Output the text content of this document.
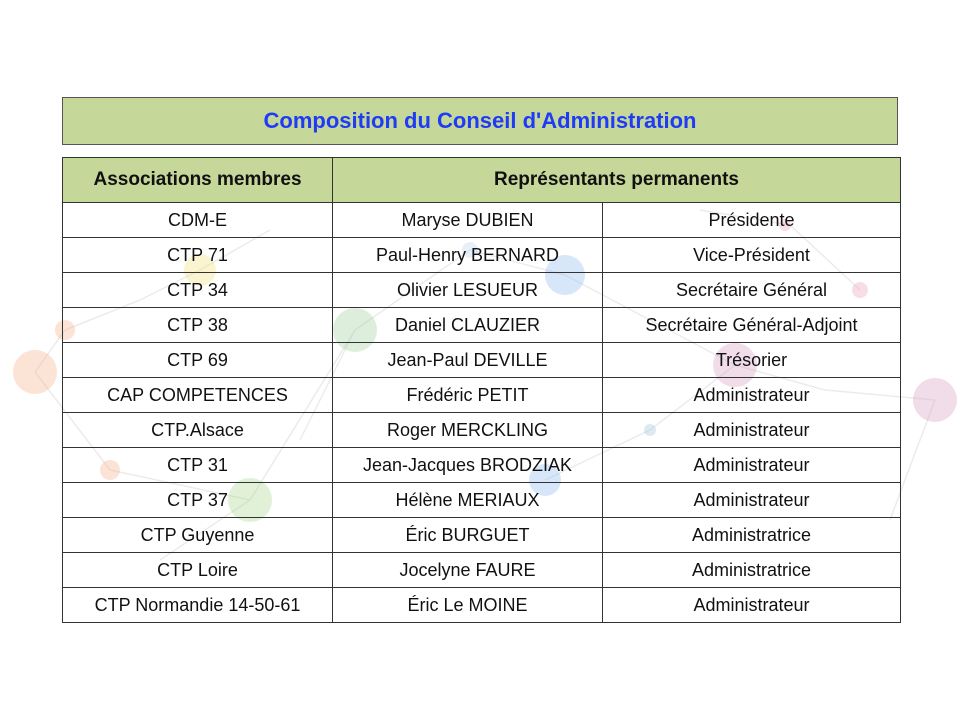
Composition du Conseil d'Administration
Associations membres	Représentants permanents	
CDM-E	Maryse DUBIEN	Présidente
CTP 71	Paul-Henry BERNARD	Vice-Président
CTP 34	Olivier LESUEUR	Secrétaire Général
CTP 38	Daniel CLAUZIER	Secrétaire Général-Adjoint
CTP 69	Jean-Paul DEVILLE	Trésorier
CAP COMPETENCES	Frédéric PETIT	Administrateur
CTP.Alsace	Roger MERCKLING	Administrateur
CTP 31	Jean-Jacques BRODZIAK	Administrateur
CTP 37	Hélène MERIAUX	Administrateur
CTP Guyenne	Éric BURGUET	Administratrice
CTP Loire	Jocelyne FAURE	Administratrice
CTP Normandie 14-50-61	Éric Le MOINE	Administrateur
